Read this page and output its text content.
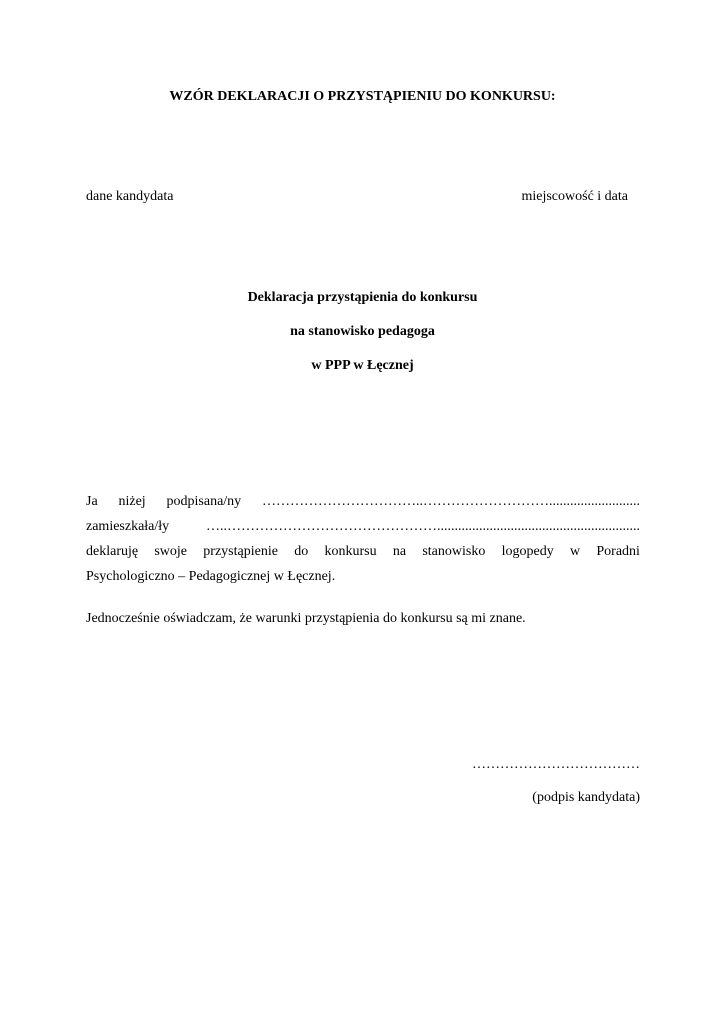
WZÓR DEKLARACJI O PRZYSTĄPIENIU DO KONKURSU:
dane kandydata	miejscowość i data
Deklaracja przystąpienia do konkursu
na stanowisko pedagoga
w PPP w Łęcznej
Ja niżej podpisana/ny ……………………………..………………………..........................
zamieszkała/ły	…..………………………………………..........................................................
deklaruję swoje przystąpienie do konkursu na stanowisko logopedy w Poradni
Psychologiczno – Pedagogicznej w Łęcznej.
Jednocześnie oświadczam, że warunki przystąpienia do konkursu są mi znane.
………………………………
(podpis kandydata)
